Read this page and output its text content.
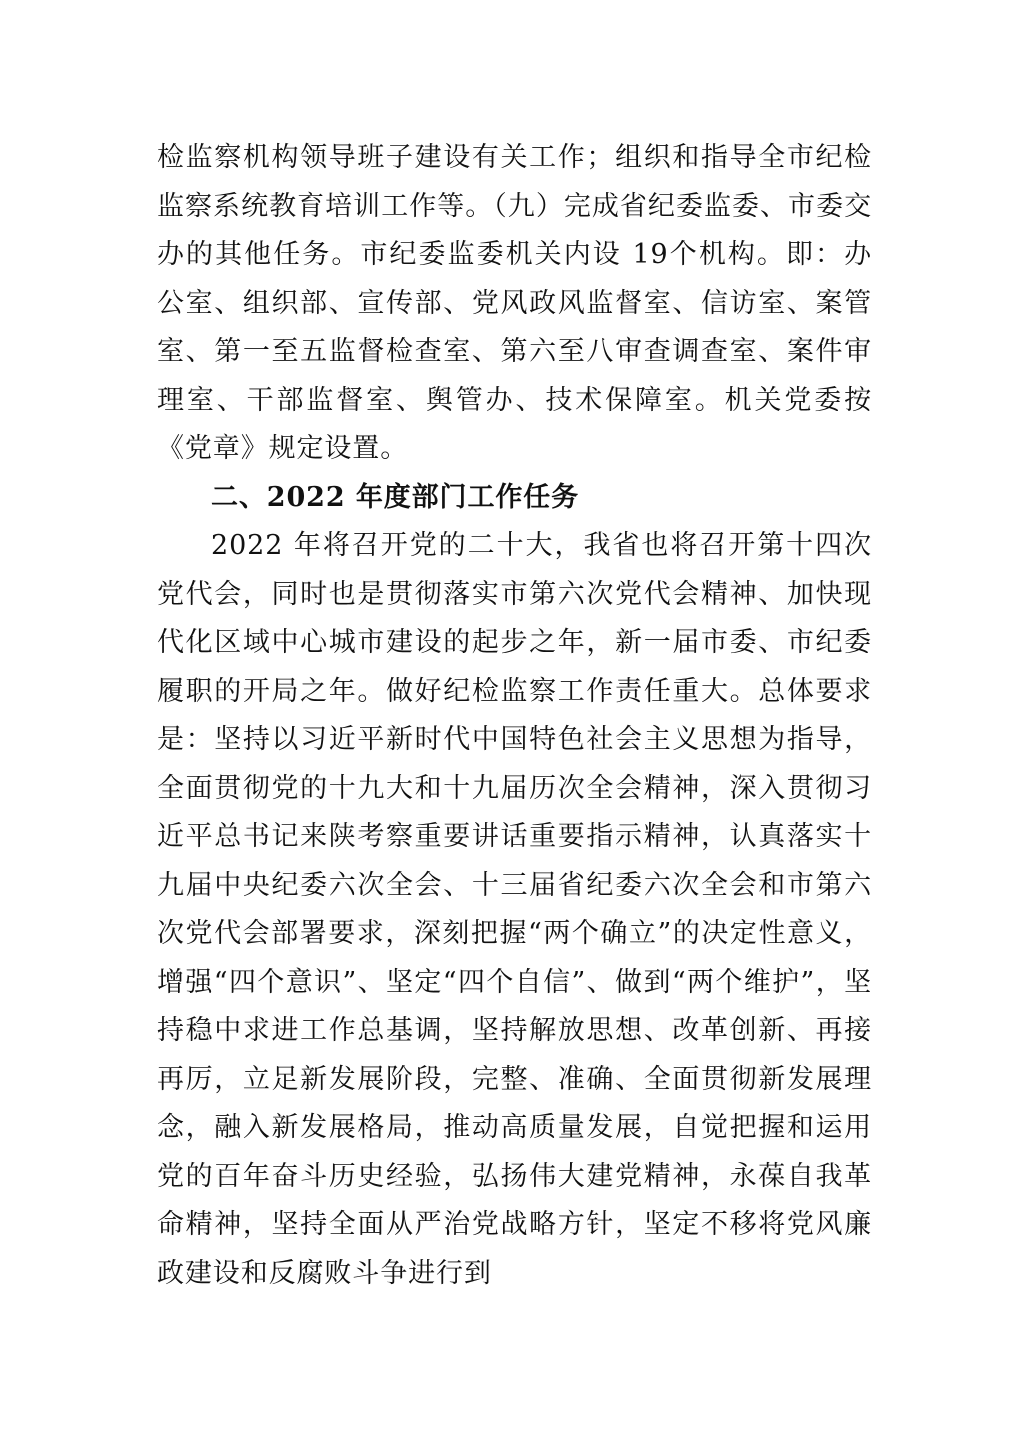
检监察机构领导班子建设有关工作；组织和指导全市纪检监察系统教育培训工作等。（九）完成省纪委监委、市委交办的其他任务。市纪委监委机关内设 19个机构。即：办公室、组织部、宣传部、党风政风监督室、信访室、案管室、第一至五监督检查室、第六至八审查调查室、案件审理室、干部监督室、舆管办、技术保障室。机关党委按《党章》规定设置。

二、2022 年度部门工作任务

2022 年将召开党的二十大，我省也将召开第十四次党代会，同时也是贯彻落实市第六次党代会精神、加快现代化区域中心城市建设的起步之年，新一届市委、市纪委履职的开局之年。做好纪检监察工作责任重大。总体要求是：坚持以习近平新时代中国特色社会主义思想为指导，全面贯彻党的十九大和十九届历次全会精神，深入贯彻习近平总书记来陕考察重要讲话重要指示精神，认真落实十九届中央纪委六次全会、十三届省纪委六次全会和市第六次党代会部署要求，深刻把握“两个确立”的决定性意义，增强“四个意识”、坚定“四个自信”、做到“两个维护”，坚持稳中求进工作总基调，坚持解放思想、改革创新、再接再厉，立足新发展阶段，完整、准确、全面贯彻新发展理念，融入新发展格局，推动高质量发展，自觉把握和运用党的百年奋斗历史经验，弘扬伟大建党精神，永葆自我革命精神，坚持全面从严治党战略方针，坚定不移将党风廉政建设和反腐败斗争进行到
